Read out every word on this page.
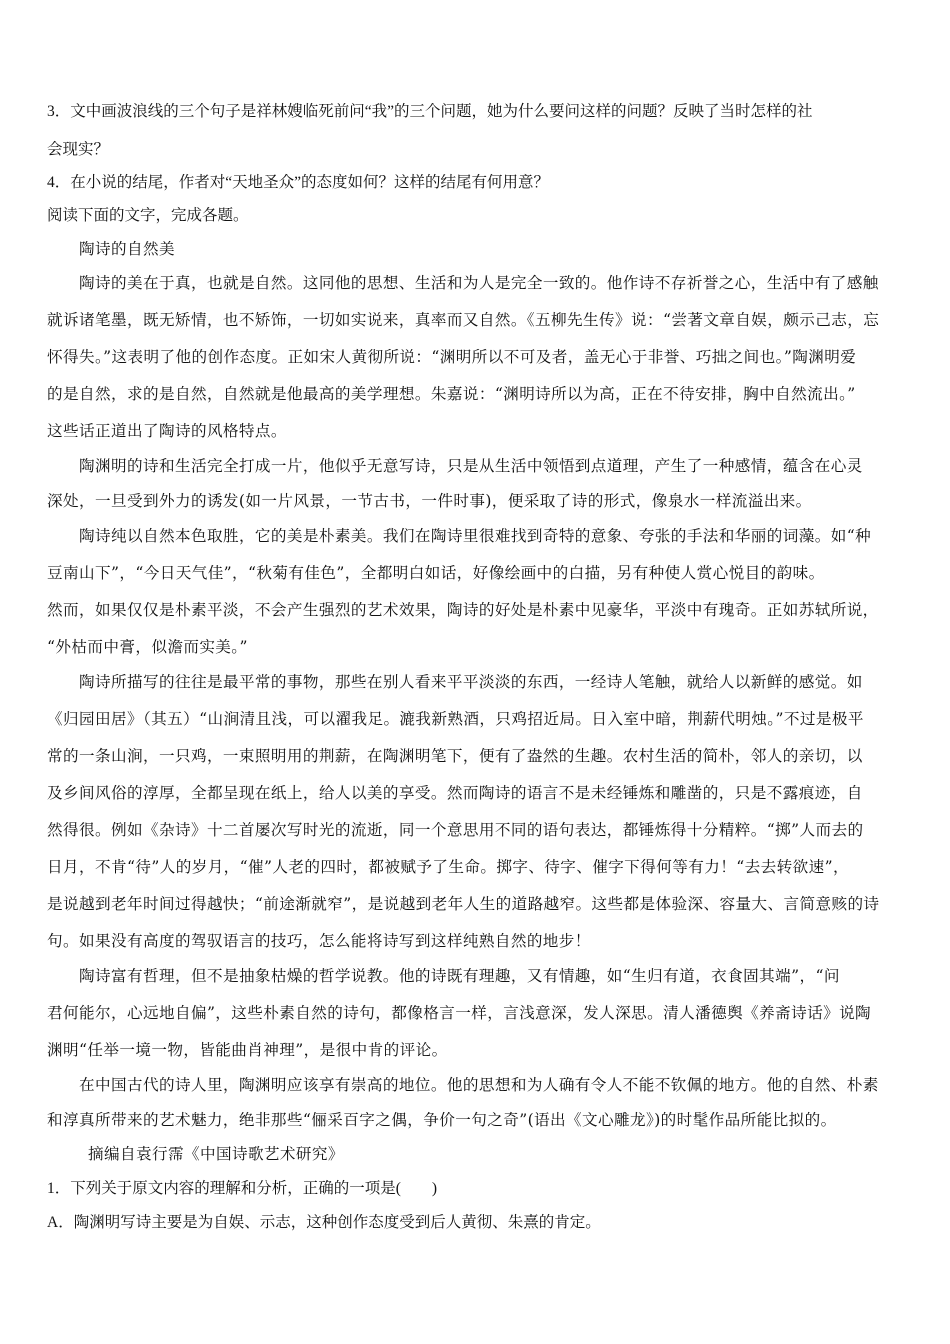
3．文中画波浪线的三个句子是祥林嫂临死前问“我”的三个问题，她为什么要问这样的问题？反映了当时怎样的社
会现实？
4．在小说的结尾，作者对“天地圣众”的态度如何？这样的结尾有何用意？
阅读下面的文字，完成各题。
陶诗的自然美
陶诗的美在于真，也就是自然。这同他的思想、生活和为人是完全一致的。他作诗不存祈誉之心，生活中有了感触
就诉诸笔墨，既无矫情，也不矫饰，一切如实说来，真率而又自然。《五柳先生传》说：“尝著文章自娱，颇示己志，忘
怀得失。”这表明了他的创作态度。正如宋人黄彻所说：“渊明所以不可及者，盖无心于非誉、巧拙之间也。”陶渊明爱
的是自然，求的是自然，自然就是他最高的美学理想。朱嘉说：“渊明诗所以为高，正在不待安排，胸中自然流出。”
这些话正道出了陶诗的风格特点。
陶渊明的诗和生活完全打成一片，他似乎无意写诗，只是从生活中领悟到点道理，产生了一种感情，蕴含在心灵
深处，一旦受到外力的诱发(如一片风景，一节古书，一件时事)，便采取了诗的形式，像泉水一样流溢出来。
陶诗纯以自然本色取胜，它的美是朴素美。我们在陶诗里很难找到奇特的意象、夸张的手法和华丽的词藻。如“种
豆南山下”，“今日天气佳”，“秋菊有佳色”，全都明白如话，好像绘画中的白描，另有种使人赏心悦目的韵味。
然而，如果仅仅是朴素平淡，不会产生强烈的艺术效果，陶诗的好处是朴素中见豪华，平淡中有瑰奇。正如苏轼所说，
“外枯而中膏，似澹而实美。”
陶诗所描写的往往是最平常的事物，那些在别人看来平平淡淡的东西，一经诗人笔触，就给人以新鲜的感觉。如
《归园田居》（其五）“山涧清且浅，可以濯我足。漉我新熟酒，只鸡招近局。日入室中暗，荆薪代明烛。”不过是极平
常的一条山涧，一只鸡，一束照明用的荆薪，在陶渊明笔下，便有了盎然的生趣。农村生活的简朴，邻人的亲切，以
及乡间风俗的淳厚，全都呈现在纸上，给人以美的享受。然而陶诗的语言不是未经锤炼和雕凿的，只是不露痕迹，自
然得很。例如《杂诗》十二首屡次写时光的流逝，同一个意思用不同的语句表达，都锤炼得十分精粹。“掷”人而去的
日月，不肯“待”人的岁月，“催”人老的四时，都被赋予了生命。掷字、待字、催字下得何等有力！“去去转欲速”，
是说越到老年时间过得越快；“前途渐就窄”，是说越到老年人生的道路越窄。这些都是体验深、容量大、言简意赅的诗
句。如果没有高度的驾驭语言的技巧，怎么能将诗写到这样纯熟自然的地步！
陶诗富有哲理，但不是抽象枯燥的哲学说教。他的诗既有理趣，又有情趣，如“生归有道，衣食固其端”，“问
君何能尔，心远地自偏”，这些朴素自然的诗句，都像格言一样，言浅意深，发人深思。清人潘德舆《养斋诗话》说陶
渊明“任举一境一物，皆能曲肖神理”，是很中肯的评论。
在中国古代的诗人里，陶渊明应该享有崇高的地位。他的思想和为人确有令人不能不钦佩的地方。他的自然、朴素
和淳真所带来的艺术魅力，绝非那些“俪采百字之偶，争价一句之奇”(语出《文心雕龙》)的时髦作品所能比拟的。
摘编自袁行霈《中国诗歌艺术研究》
1．下列关于原文内容的理解和分析，正确的一项是(　　)
A．陶渊明写诗主要是为自娱、示志，这种创作态度受到后人黄彻、朱熹的肯定。
